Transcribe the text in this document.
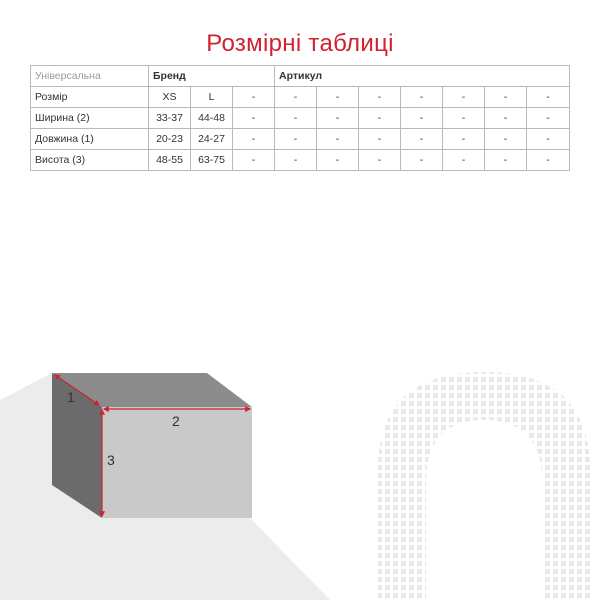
Розмірні таблиці
Універсальна	Бренд			Артикул						
Розмір	XS	L	-	-	-	-	-	-	-	-
Ширина (2)	33-37	44-48	-	-	-	-	-	-	-	-
Довжина (1)	20-23	24-27	-	-	-	-	-	-	-	-
Висота (3)	48-55	63-75	-	-	-	-	-	-	-	-
1
2
3
